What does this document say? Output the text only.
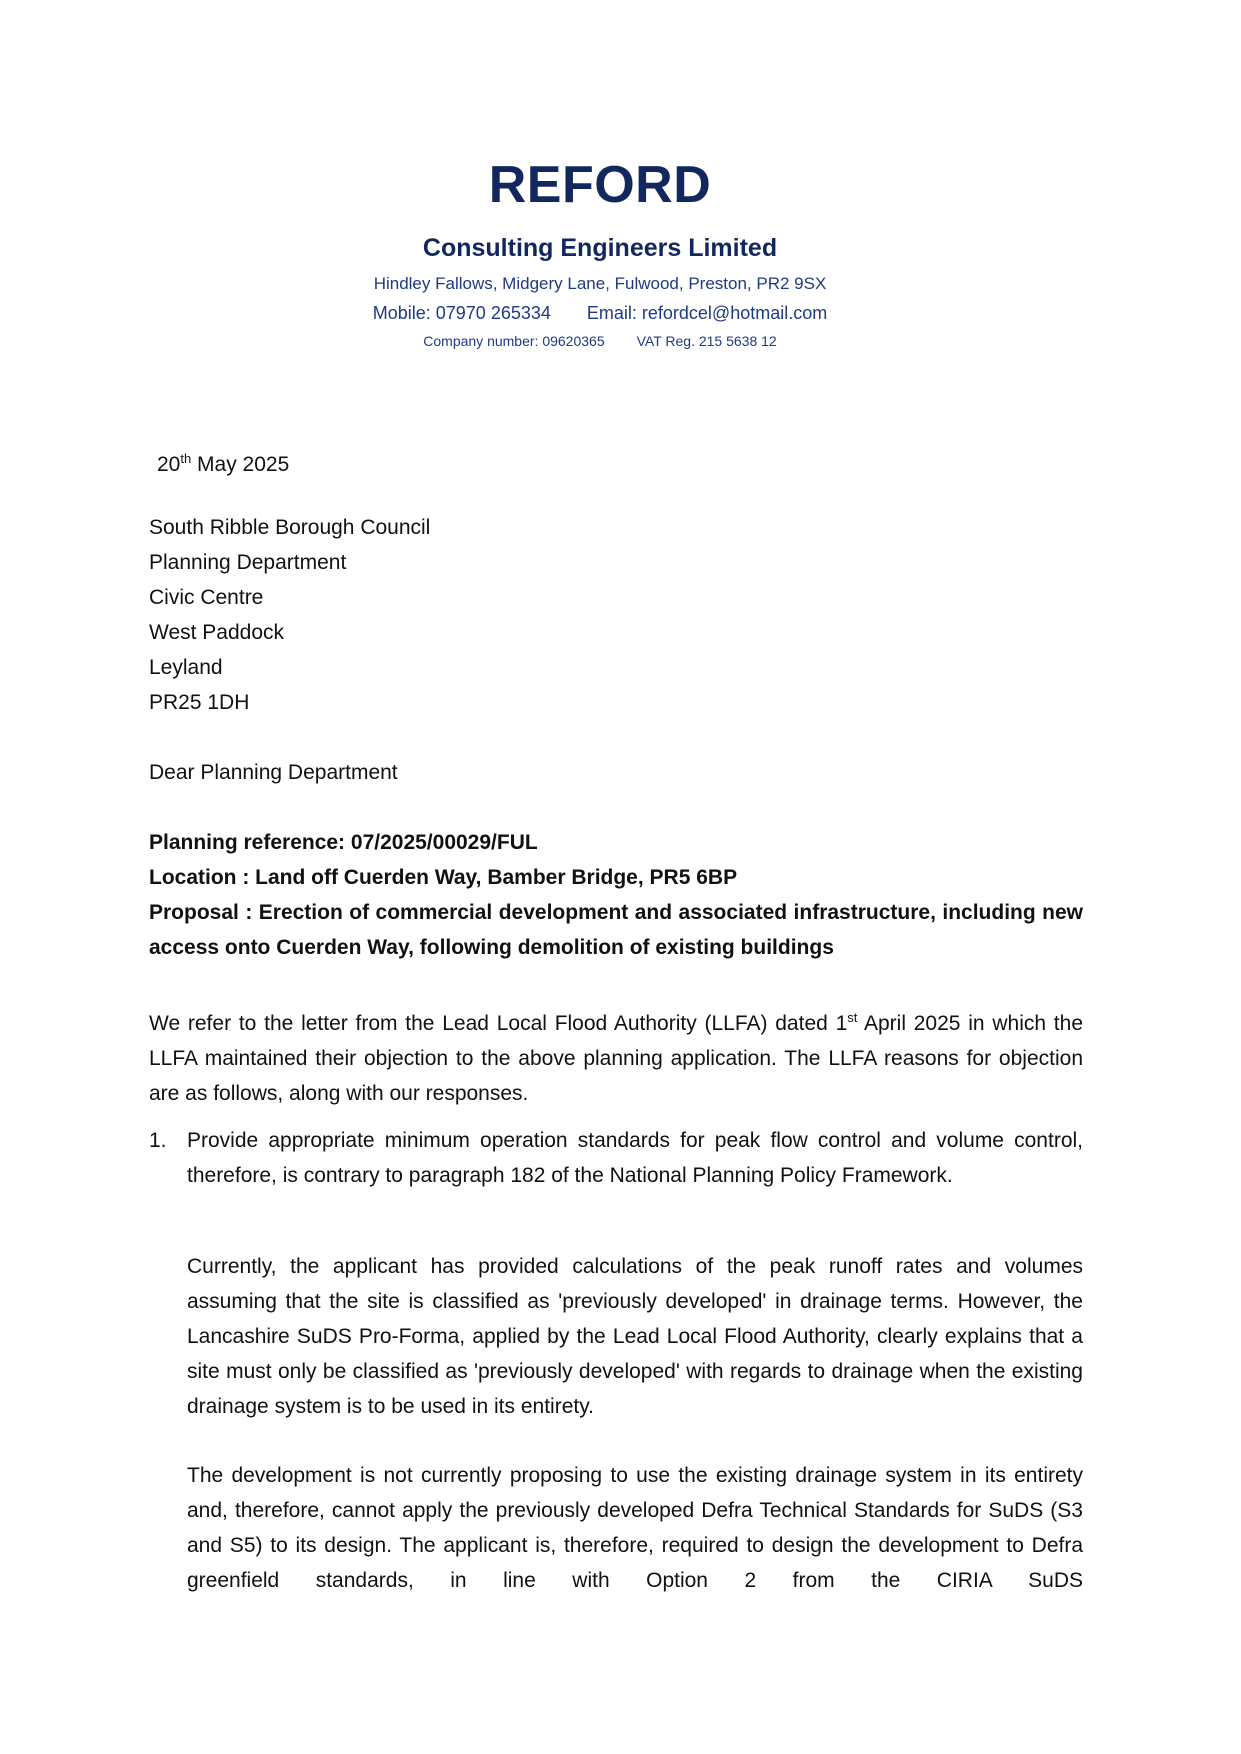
REFORD
Consulting Engineers Limited
Hindley Fallows, Midgery Lane, Fulwood, Preston, PR2 9SX
Mobile: 07970 265334 Email: refordcel@hotmail.com
Company number: 09620365 VAT Reg. 215 5638 12
20th May 2025
South Ribble Borough Council
Planning Department
Civic Centre
West Paddock
Leyland
PR25 1DH
Dear Planning Department
Planning reference: 07/2025/00029/FUL
Location : Land off Cuerden Way, Bamber Bridge, PR5 6BP
Proposal : Erection of commercial development and associated infrastructure, including new access onto Cuerden Way, following demolition of existing buildings
We refer to the letter from the Lead Local Flood Authority (LLFA) dated 1st April 2025 in which the LLFA maintained their objection to the above planning application. The LLFA reasons for objection are as follows, along with our responses.
1. Provide appropriate minimum operation standards for peak flow control and volume control, therefore, is contrary to paragraph 182 of the National Planning Policy Framework.
Currently, the applicant has provided calculations of the peak runoff rates and volumes assuming that the site is classified as 'previously developed' in drainage terms. However, the Lancashire SuDS Pro-Forma, applied by the Lead Local Flood Authority, clearly explains that a site must only be classified as 'previously developed' with regards to drainage when the existing drainage system is to be used in its entirety.
The development is not currently proposing to use the existing drainage system in its entirety and, therefore, cannot apply the previously developed Defra Technical Standards for SuDS (S3 and S5) to its design. The applicant is, therefore, required to design the development to Defra greenfield standards, in line with Option 2 from the CIRIA SuDS
